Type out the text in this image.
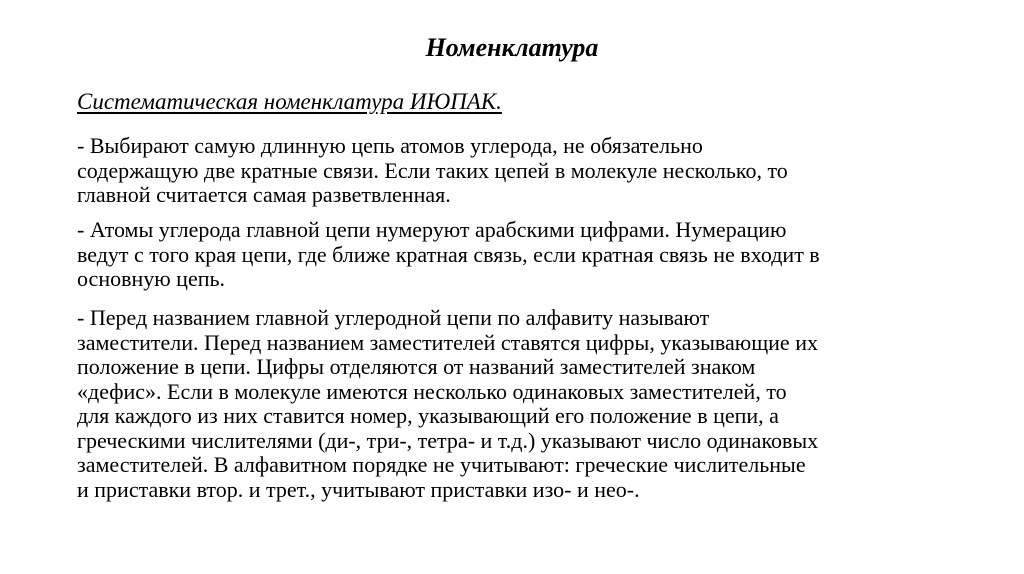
Номенклатура
Систематическая номенклатура ИЮПАК.
- Выбирают самую длинную цепь атомов углерода, не обязательно
содержащую две кратные связи. Если таких цепей в молекуле несколько, то
главной считается самая разветвленная.
- Атомы углерода главной цепи нумеруют арабскими цифрами. Нумерацию
ведут с того края цепи, где ближе кратная связь, если кратная связь не входит в
основную цепь.
- Перед названием главной углеродной цепи по алфавиту называют
заместители. Перед названием заместителей ставятся цифры, указывающие их
положение в цепи. Цифры отделяются от названий заместителей знаком
«дефис». Если в молекуле имеются несколько одинаковых заместителей, то
для каждого из них ставится номер, указывающий его положение в цепи, а
греческими числителями (ди-, три-, тетра- и т.д.) указывают число одинаковых
заместителей. В алфавитном порядке не учитывают: греческие числительные
и приставки втор. и трет., учитывают приставки изо- и нео-.
